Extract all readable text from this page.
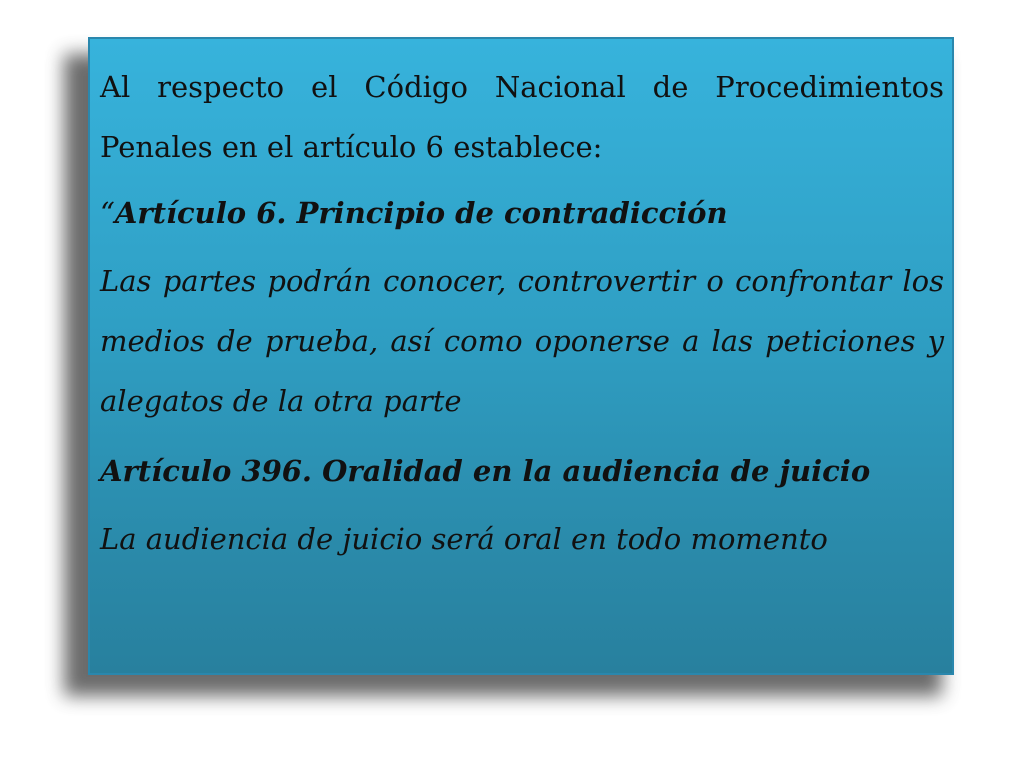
Al respecto el Código Nacional de Procedimientos Penales en el artículo 6 establece:

“Artículo 6. Principio de contradicción

Las partes podrán conocer, controvertir o confrontar los medios de prueba, así como oponerse a las peticiones y alegatos de la otra parte

Artículo 396. Oralidad en la audiencia de juicio

La audiencia de juicio será oral en todo momento
